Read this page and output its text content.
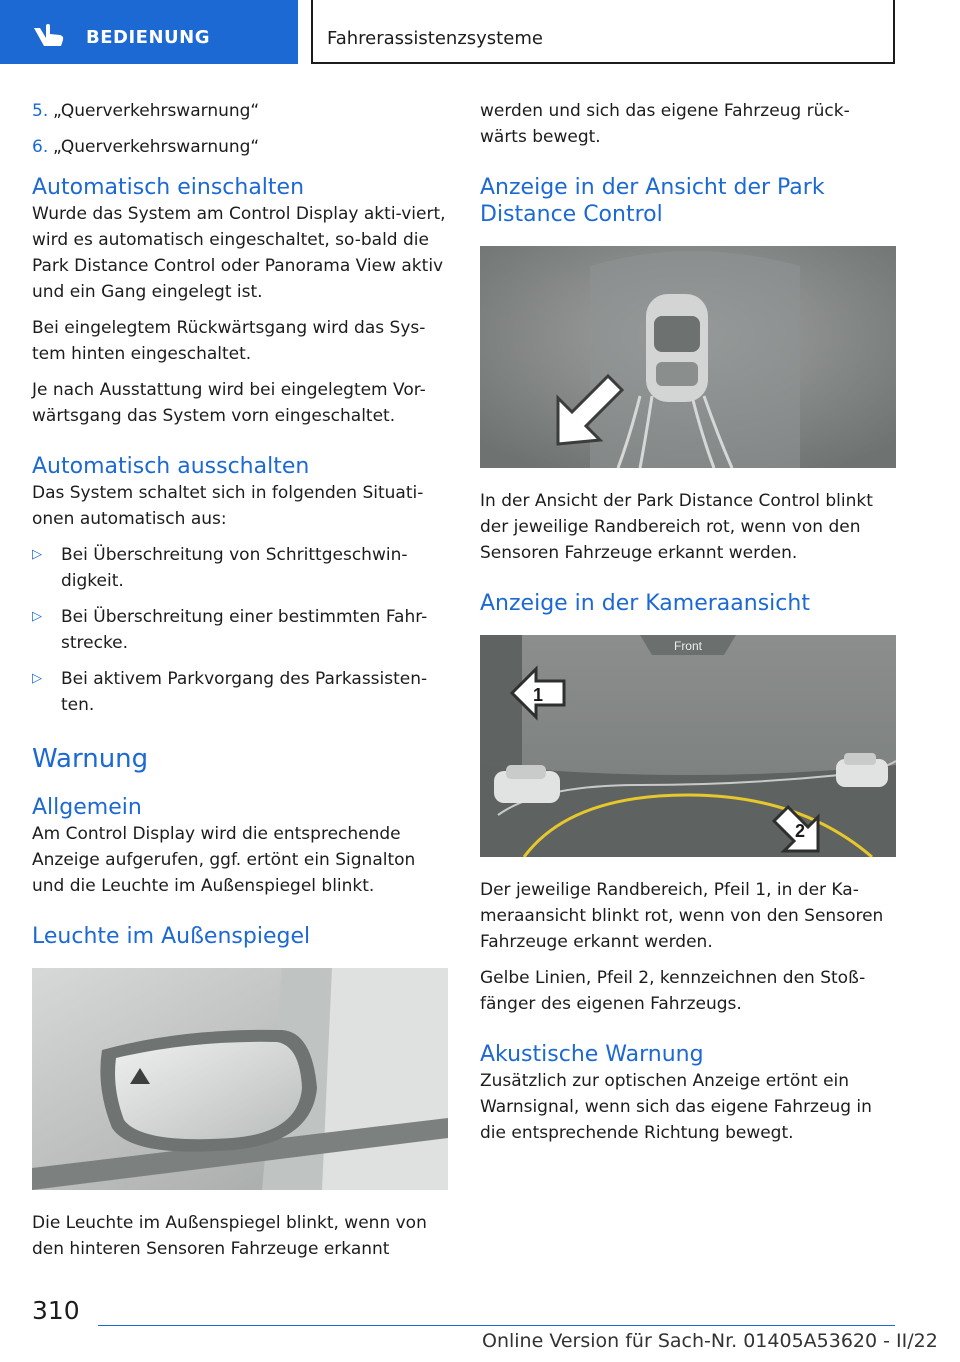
BEDIENUNG	Fahrerassistenzsysteme
5. „Querverkehrswarnung“
6. „Querverkehrswarnung“
Automatisch einschalten

Wurde das System am Control Display akti-viert, wird es automatisch eingeschaltet, so-bald die Park Distance Control oder Panorama View aktiv und ein Gang eingelegt ist.

Bei eingelegtem Rückwärtsgang wird das Sys-tem hinten eingeschaltet.

Je nach Ausstattung wird bei eingelegtem Vor-wärtsgang das System vorn eingeschaltet.

Automatisch ausschalten

Das System schaltet sich in folgenden Situati-onen automatisch aus:

▷	Bei Überschreitung von Schrittgeschwin-digkeit.
▷	Bei Überschreitung einer bestimmten Fahr-strecke.
▷	Bei aktivem Parkvorgang des Parkassisten-ten.
Warnung
Allgemein

Am Control Display wird die entsprechende Anzeige aufgerufen, ggf. ertönt ein Signalton und die Leuchte im Außenspiegel blinkt.

Leuchte im Außenspiegel

Die Leuchte im Außenspiegel blinkt, wenn von den hinteren Sensoren Fahrzeuge erkannt

werden und sich das eigene Fahrzeug rück-wärts bewegt.

Anzeige in der Ansicht der Park Distance Control

In der Ansicht der Park Distance Control blinkt der jeweilige Randbereich rot, wenn von den Sensoren Fahrzeuge erkannt werden.

Anzeige in der Kameraansicht
Front
1
2

Der jeweilige Randbereich, Pfeil 1, in der Ka-meraansicht blinkt rot, wenn von den Sensoren Fahrzeuge erkannt werden.

Gelbe Linien, Pfeil 2, kennzeichnen den Stoß-fänger des eigenen Fahrzeugs.

Akustische Warnung

Zusätzlich zur optischen Anzeige ertönt ein Warnsignal, wenn sich das eigene Fahrzeug in die entsprechende Richtung bewegt.

310
Online Version für Sach-Nr. 01405A53620 - II/22
